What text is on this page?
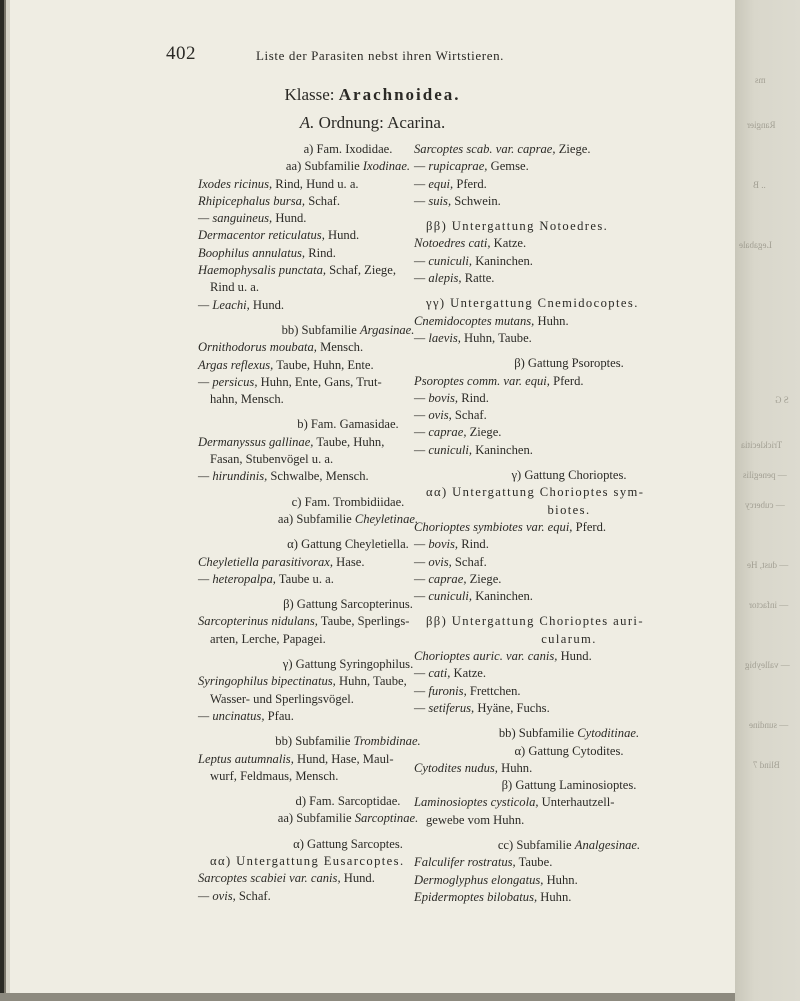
402	Liste der Parasiten nebst ihren Wirtstieren.
Klasse: Arachnoidea.
A. Ordnung: Acarina.
a) Fam. Ixodidae.
aa) Subfamilie Ixodinae.
Ixodes ricinus, Rind, Hund u. a.
Rhipicephalus bursa, Schaf.
— sanguineus, Hund.
Dermacentor reticulatus, Hund.
Boophilus annulatus, Rind.
Haemophysalis punctata, Schaf, Ziege,
Rind u. a.
— Leachi, Hund.
bb) Subfamilie Argasinae.
Ornithodorus moubata, Mensch.
Argas reflexus, Taube, Huhn, Ente.
— persicus, Huhn, Ente, Gans, Trut-
hahn, Mensch.
b) Fam. Gamasidae.
Dermanyssus gallinae, Taube, Huhn,
Fasan, Stubenvögel u. a.
— hirundinis, Schwalbe, Mensch.
c) Fam. Trombidiidae.
aa) Subfamilie Cheyletinae.
α) Gattung Cheyletiella.
Cheyletiella parasitivorax, Hase.
— heteropalpa, Taube u. a.
β) Gattung Sarcopterinus.
Sarcopterinus nidulans, Taube, Sperlings-
arten, Lerche, Papagei.
γ) Gattung Syringophilus.
Syringophilus bipectinatus, Huhn, Taube,
Wasser- und Sperlingsvögel.
— uncinatus, Pfau.
bb) Subfamilie Trombidinae.
Leptus autumnalis, Hund, Hase, Maul-
wurf, Feldmaus, Mensch.
d) Fam. Sarcoptidae.
aa) Subfamilie Sarcoptinae.
α) Gattung Sarcoptes.
αα) Untergattung Eusarcoptes.
Sarcoptes scabiei var. canis, Hund.
— ovis, Schaf.
Sarcoptes scab. var. caprae, Ziege.
— rupicaprae, Gemse.
— equi, Pferd.
— suis, Schwein.
ββ) Untergattung Notoedres.
Notoedres cati, Katze.
— cuniculi, Kaninchen.
— alepis, Ratte.
γγ) Untergattung Cnemidocoptes.
Cnemidocoptes mutans, Huhn.
— laevis, Huhn, Taube.
β) Gattung Psoroptes.
Psoroptes comm. var. equi, Pferd.
— bovis, Rind.
— ovis, Schaf.
— caprae, Ziege.
— cuniculi, Kaninchen.
γ) Gattung Chorioptes.
αα) Untergattung Chorioptes sym-
biotes.
Chorioptes symbiotes var. equi, Pferd.
— bovis, Rind.
— ovis, Schaf.
— caprae, Ziege.
— cuniculi, Kaninchen.
ββ) Untergattung Chorioptes auri-
cularum.
Chorioptes auric. var. canis, Hund.
— cati, Katze.
— furonis, Frettchen.
— setiferus, Hyäne, Fuchs.
bb) Subfamilie Cytoditinae.
α) Gattung Cytodites.
Cytodites nudus, Huhn.
β) Gattung Laminosioptes.
Laminosioptes cysticola, Unterhautzell-
gewebe vom Huhn.
cc) Subfamilie Analgesinae.
Falculifer rostratus, Taube.
Dermoglyphus elongatus, Huhn.
Epidermoptes bilobatus, Huhn.
ms
Rangier
.. B
Legabale
S G
Tricklecitia
— penegilis
— cubercy
— dust, He
— infactor
— valleybig
— sundine
Blind 7
